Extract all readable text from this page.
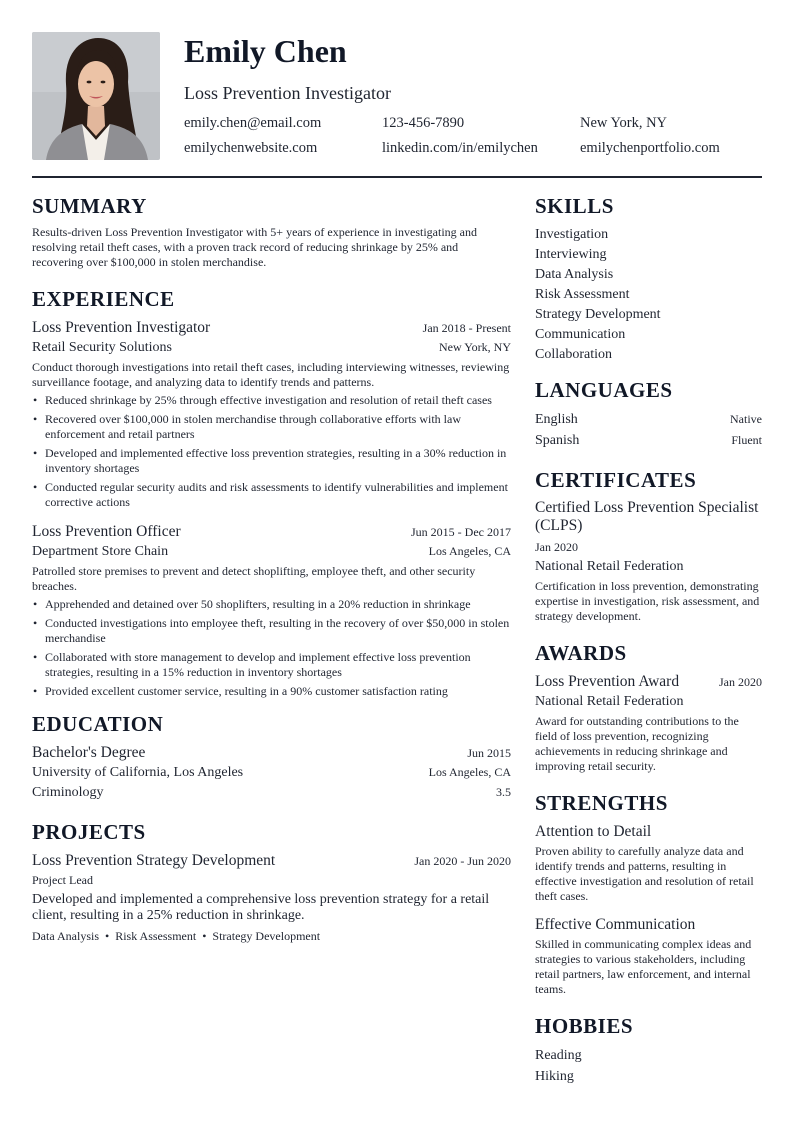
Emily Chen
Loss Prevention Investigator
emily.chen@email.com	123-456-7890	New York, NY
emilychenwebsite.com	linkedin.com/in/emilychen	emilychenportfolio.com
SUMMARY
Results-driven Loss Prevention Investigator with 5+ years of experience in investigating and resolving retail theft cases, with a proven track record of reducing shrinkage by 25% and recovering over $100,000 in stolen merchandise.
EXPERIENCE
Loss Prevention Investigator	Jan 2018 - Present
Retail Security Solutions	New York, NY
Conduct thorough investigations into retail theft cases, including interviewing witnesses, reviewing surveillance footage, and analyzing data to identify trends and patterns.
• Reduced shrinkage by 25% through effective investigation and resolution of retail theft cases
• Recovered over $100,000 in stolen merchandise through collaborative efforts with law enforcement and retail partners
• Developed and implemented effective loss prevention strategies, resulting in a 30% reduction in inventory shortages
• Conducted regular security audits and risk assessments to identify vulnerabilities and implement corrective actions
Loss Prevention Officer	Jun 2015 - Dec 2017
Department Store Chain	Los Angeles, CA
Patrolled store premises to prevent and detect shoplifting, employee theft, and other security breaches.
• Apprehended and detained over 50 shoplifters, resulting in a 20% reduction in shrinkage
• Conducted investigations into employee theft, resulting in the recovery of over $50,000 in stolen merchandise
• Collaborated with store management to develop and implement effective loss prevention strategies, resulting in a 15% reduction in inventory shortages
• Provided excellent customer service, resulting in a 90% customer satisfaction rating
EDUCATION
Bachelor's Degree	Jun 2015
University of California, Los Angeles	Los Angeles, CA
Criminology	3.5
PROJECTS
Loss Prevention Strategy Development	Jan 2020 - Jun 2020
Project Lead
Developed and implemented a comprehensive loss prevention strategy for a retail client, resulting in a 25% reduction in shrinkage.
Data Analysis • Risk Assessment • Strategy Development
SKILLS
Investigation
Interviewing
Data Analysis
Risk Assessment
Strategy Development
Communication
Collaboration
LANGUAGES
English	Native
Spanish	Fluent
CERTIFICATES
Certified Loss Prevention Specialist (CLPS)
Jan 2020
National Retail Federation
Certification in loss prevention, demonstrating expertise in investigation, risk assessment, and strategy development.
AWARDS
Loss Prevention Award	Jan 2020
National Retail Federation
Award for outstanding contributions to the field of loss prevention, recognizing achievements in reducing shrinkage and improving retail security.
STRENGTHS
Attention to Detail
Proven ability to carefully analyze data and identify trends and patterns, resulting in effective investigation and resolution of retail theft cases.
Effective Communication
Skilled in communicating complex ideas and strategies to various stakeholders, including retail partners, law enforcement, and internal teams.
HOBBIES
Reading
Hiking
